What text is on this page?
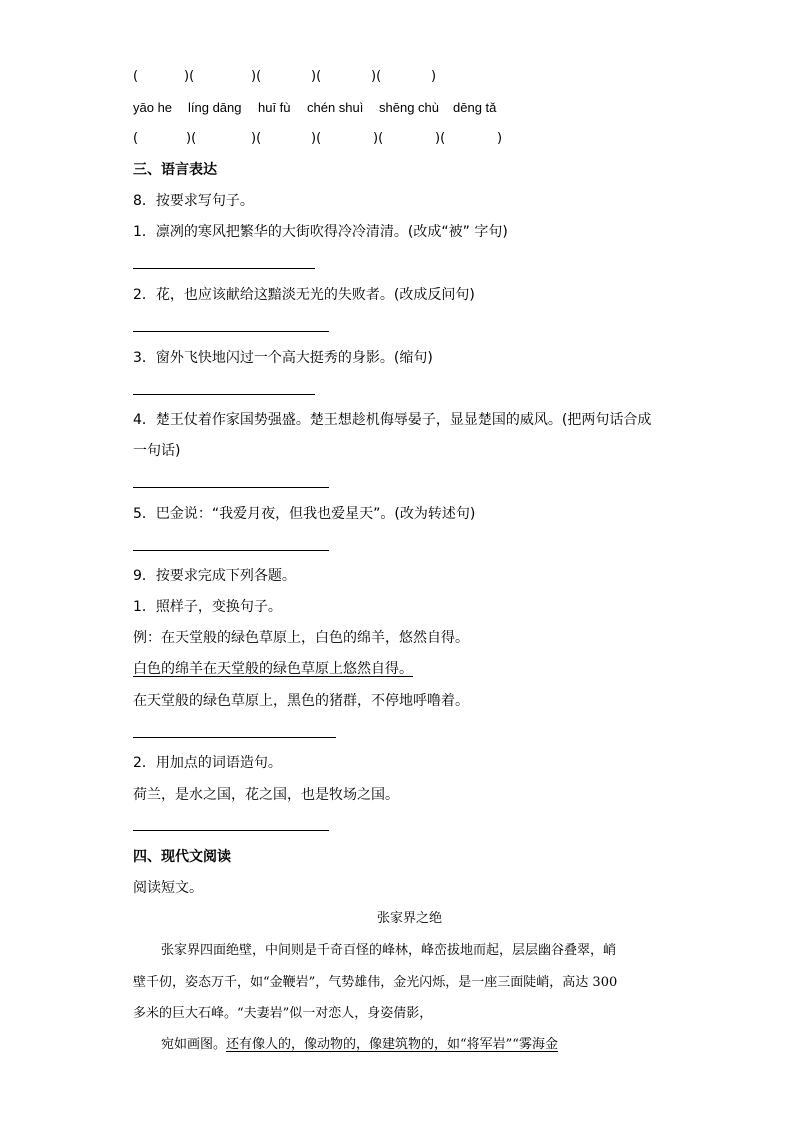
(	)(	)(	)(	)(	)
yāo he líng dāng huī fù chén shuì shēng chù dēng tǎ
(	)(	)(	)(	)(	)(	)
三、语言表达
8．按要求写句子。
1．凛冽的寒风把繁华的大街吹得冷冷清清。(改成“被” 字句)
2．花，也应该献给这黯淡无光的失败者。(改成反问句)
3．窗外飞快地闪过一个高大挺秀的身影。(缩句)
4．楚王仗着作家国势强盛。楚王想趁机侮辱晏子，显显楚国的威风。(把两句话合成
一句话)
5．巴金说：“我爱月夜，但我也爱星天”。(改为转述句)
9．按要求完成下列各题。
1．照样子，变换句子。
例：在天堂般的绿色草原上，白色的绵羊，悠然自得。
白色的绵羊在天堂般的绿色草原上悠然自得。
在天堂般的绿色草原上，黑色的猪群，不停地呼噜着。
2．用加点的词语造句。
荷兰，是水之国，花之国，也是牧场之国。
四、现代文阅读
阅读短文。
张家界之绝
张家界四面绝壁，中间则是千奇百怪的峰林，峰峦拔地而起，层层幽谷叠翠，峭
壁千仞，姿态万千，如“金鞭岩”，气势雄伟，金光闪烁，是一座三面陡峭，高达 300
多米的巨大石峰。“夫妻岩”似一对恋人，身姿倩影，
宛如画图。还有像人的，像动物的，像建筑物的，如“将军岩”“雾海金
